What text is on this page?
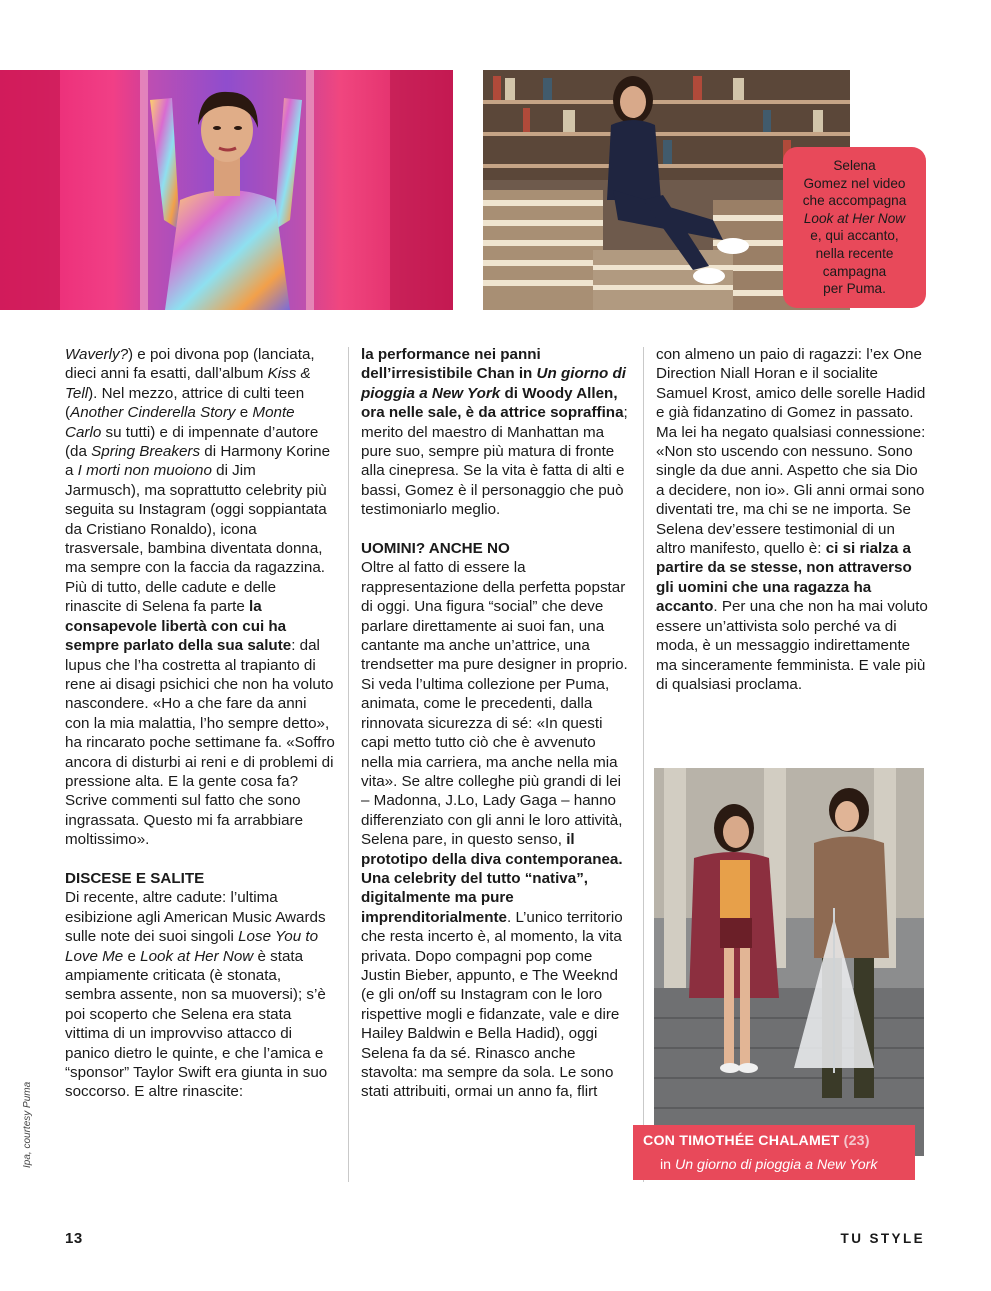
Selena
Gomez nel video
che accompagna
Look at Her Now
e, qui accanto,
nella recente
campagna
per Puma.

Waverly?) e poi divona pop (lanciata, dieci anni fa esatti, dall’album Kiss & Tell). Nel mezzo, attrice di culti teen (Another Cinderella Story e Monte Carlo su tutti) e di impennate d’autore (da Spring Breakers di Harmony Korine a I morti non muoiono di Jim Jarmusch), ma soprattutto celebrity più seguita su Instagram (oggi soppiantata da Cristiano Ronaldo), icona trasversale, bambina diventata donna, ma sempre con la faccia da ragazzina. Più di tutto, delle cadute e delle rinascite di Selena fa parte la consapevole libertà con cui ha sempre parlato della sua salute: dal lupus che l’ha costretta al trapianto di rene ai disagi psichici che non ha voluto nascondere. «Ho a che fare da anni con la mia malattia, l’ho sempre detto», ha rincarato poche settimane fa. «Soffro ancora di disturbi ai reni e di problemi di pressione alta. E la gente cosa fa? Scrive commenti sul fatto che sono ingrassata. Questo mi fa arrabbiare moltissimo».

DISCESE E SALITE

Di recente, altre cadute: l’ultima esibizione agli American Music Awards sulle note dei suoi singoli Lose You to Love Me e Look at Her Now è stata ampiamente criticata (è stonata, sembra assente, non sa muoversi); s’è poi scoperto che Selena era stata vittima di un improvviso attacco di panico dietro le quinte, e che l’amica e “sponsor” Taylor Swift era giunta in suo soccorso. E altre rinascite:

la performance nei panni dell’irresistibile Chan in Un giorno di pioggia a New York di Woody Allen, ora nelle sale, è da attrice sopraffina; merito del maestro di Manhattan ma pure suo, sempre più matura di fronte alla cinepresa. Se la vita è fatta di alti e bassi, Gomez è il personaggio che può testimoniarlo meglio.

UOMINI? ANCHE NO

Oltre al fatto di essere la rappresentazione della perfetta popstar di oggi. Una figura “social” che deve parlare direttamente ai suoi fan, una cantante ma anche un’attrice, una trendsetter ma pure designer in proprio. Si veda l’ultima collezione per Puma, animata, come le precedenti, dalla rinnovata sicurezza di sé: «In questi capi metto tutto ciò che è avvenuto nella mia carriera, ma anche nella mia vita». Se altre colleghe più grandi di lei – Madonna, J.Lo, Lady Gaga – hanno differenziato con gli anni le loro attività, Selena pare, in questo senso, il prototipo della diva contemporanea. Una celebrity del tutto “nativa”, digitalmente ma pure imprenditorialmente. L’unico territorio che resta incerto è, al momento, la vita privata. Dopo compagni pop come Justin Bieber, appunto, e The Weeknd (e gli on/off su Instagram con le loro rispettive mogli e fidanzate, vale e dire Hailey Baldwin e Bella Hadid), oggi Selena fa da sé. Rinasco anche stavolta: ma sempre da sola. Le sono stati attribuiti, ormai un anno fa, flirt

con almeno un paio di ragazzi: l’ex One Direction Niall Horan e il socialite Samuel Krost, amico delle sorelle Hadid e già fidanzatino di Gomez in passato. Ma lei ha negato qualsiasi connessione: «Non sto uscendo con nessuno. Sono single da due anni. Aspetto che sia Dio a decidere, non io». Gli anni ormai sono diventati tre, ma chi se ne importa. Se Selena dev’essere testimonial di un altro manifesto, quello è: ci si rialza a partire da se stesse, non attraverso gli uomini che una ragazza ha accanto. Per una che non ha mai voluto essere un’attivista solo perché va di moda, è un messaggio indirettamente ma sinceramente femminista. E vale più di qualsiasi proclama.

CON TIMOTHÉE CHALAMET (23)
in Un giorno di pioggia a New York
Ipa, courtesy Puma
13	TU STYLE
